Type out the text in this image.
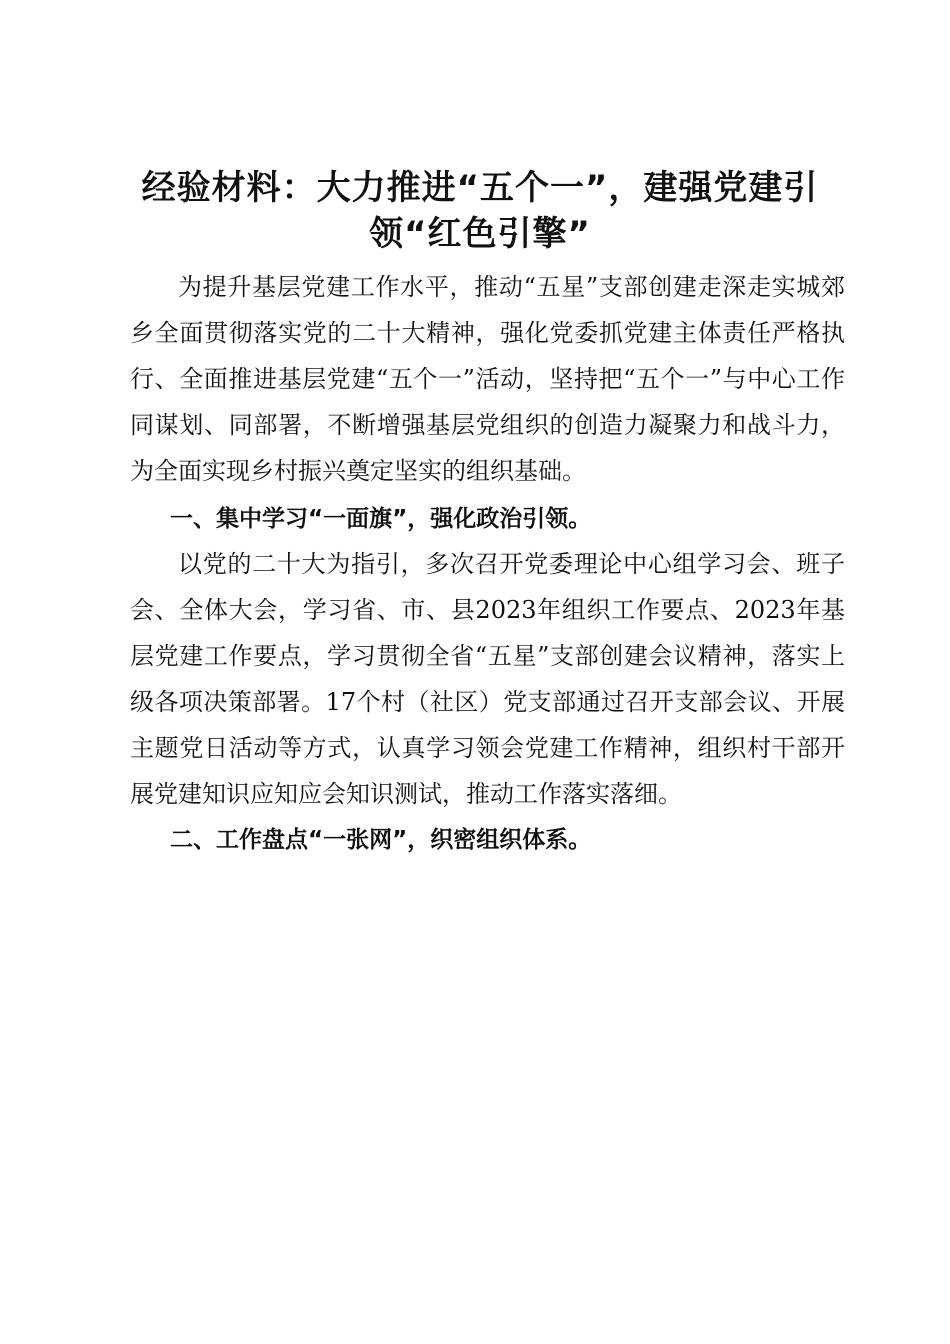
经验材料：大力推进“五个一”，建强党建引领“红色引擎”

为提升基层党建工作水平，推动“五星”支部创建走深走实城郊乡全面贯彻落实党的二十大精神，强化党委抓党建主体责任严格执行、全面推进基层党建“五个一”活动，坚持把“五个一”与中心工作同谋划、同部署，不断增强基层党组织的创造力凝聚力和战斗力，为全面实现乡村振兴奠定坚实的组织基础。

一、集中学习“一面旗”，强化政治引领。

以党的二十大为指引，多次召开党委理论中心组学习会、班子会、全体大会，学习省、市、县2023年组织工作要点、2023年基层党建工作要点，学习贯彻全省“五星”支部创建会议精神，落实上级各项决策部署。17个村（社区）党支部通过召开支部会议、开展主题党日活动等方式，认真学习领会党建工作精神，组织村干部开展党建知识应知应会知识测试，推动工作落实落细。

二、工作盘点“一张网”，织密组织体系。
